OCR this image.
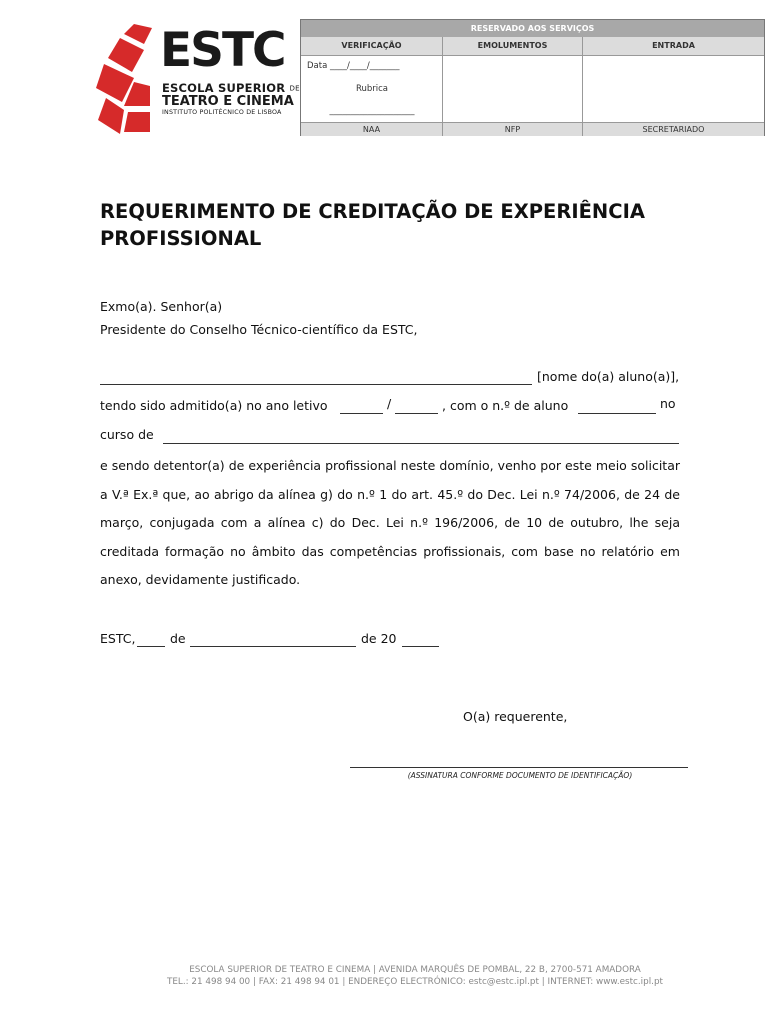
ESTC
ESCOLA SUPERIOR DE
TEATRO E CINEMA
INSTITUTO POLITÉCNICO DE LISBOA
RESERVADO AOS SERVIÇOS
VERIFICAÇÃO	EMOLUMENTOS	ENTRADA
Data ____/____/_______
Rubrica
____________________
NAA	NFP	SECRETARIADO
REQUERIMENTO DE CREDITAÇÃO DE EXPERIÊNCIA PROFISSIONAL
Exmo(a). Senhor(a)
Presidente do Conselho Técnico-científico da ESTC,
[nome do(a) aluno(a)],
tendo sido admitido(a) no ano letivo	/	, com o n.º de aluno	no
curso de
e sendo detentor(a) de experiência profissional neste domínio, venho por este meio solicitar a V.ª Ex.ª que, ao abrigo da alínea g) do n.º 1 do art. 45.º do Dec. Lei n.º 74/2006, de 24 de março, conjugada com a alínea c) do Dec. Lei n.º 196/2006, de 10 de outubro, lhe seja creditada formação no âmbito das competências profissionais, com base no relatório em anexo, devidamente justificado.
ESTC,	de	de 20
O(a) requerente,
(ASSINATURA CONFORME DOCUMENTO DE IDENTIFICAÇÃO)
ESCOLA SUPERIOR DE TEATRO E CINEMA | AVENIDA MARQUÊS DE POMBAL, 22 B, 2700-571 AMADORA
TEL.: 21 498 94 00 | FAX: 21 498 94 01 | ENDEREÇO ELECTRÓNICO: estc@estc.ipl.pt | INTERNET: www.estc.ipl.pt
